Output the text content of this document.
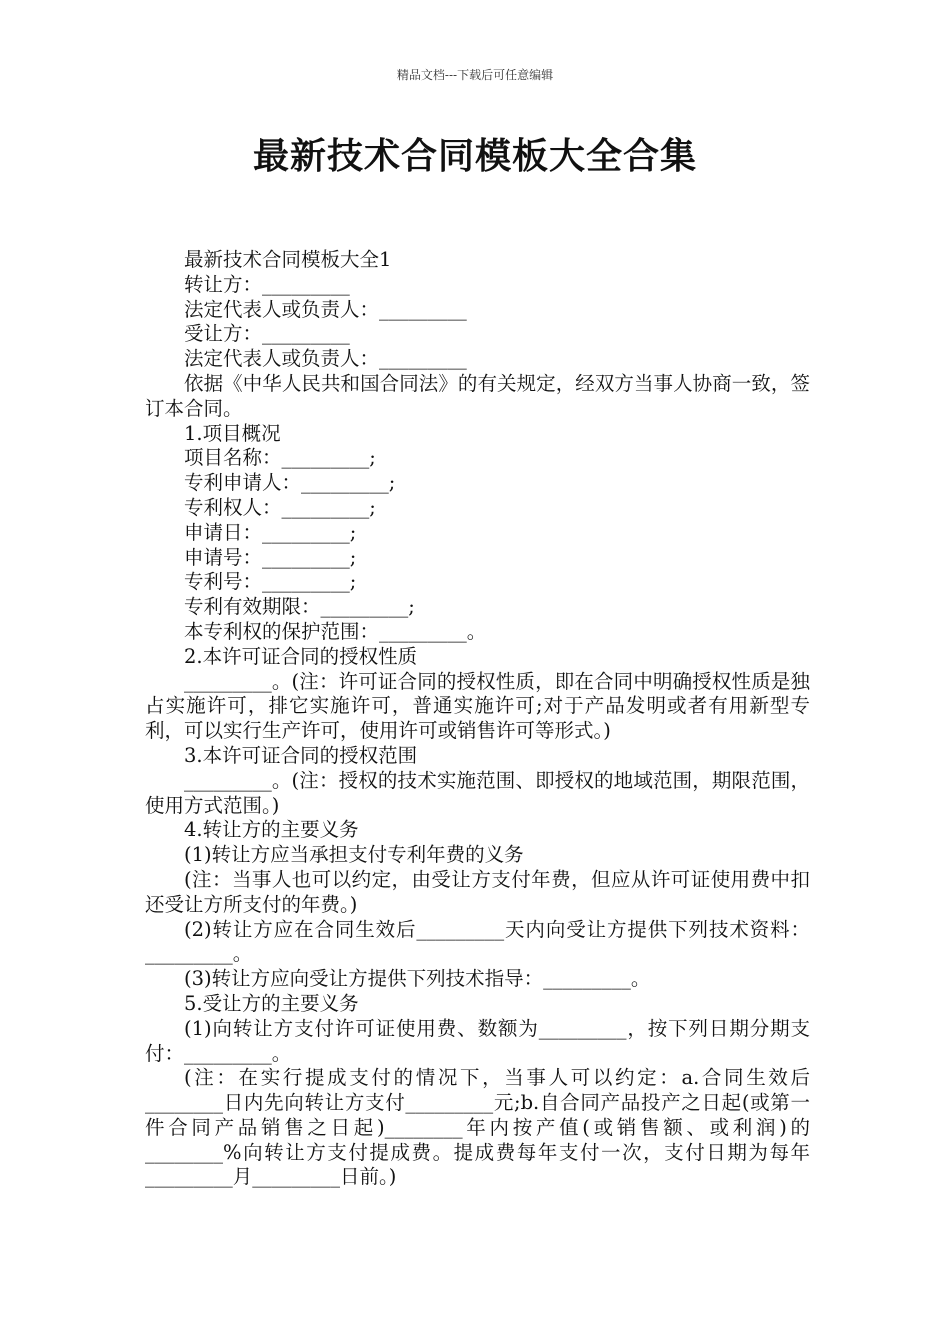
精品文档---下载后可任意编辑
最新技术合同模板大全合集

最新技术合同模板大全1

转让方：_________

法定代表人或负责人：_________

受让方：_________

法定代表人或负责人：_________

依据《中华人民共和国合同法》的有关规定，经双方当事人协商一致，签订本合同。

1.项目概况

项目名称：_________;

专利申请人：_________;

专利权人：_________;

申请日：_________;

申请号：_________;

专利号：_________;

专利有效期限：_________;

本专利权的保护范围：_________。

2.本许可证合同的授权性质

_________。(注：许可证合同的授权性质，即在合同中明确授权性质是独占实施许可，排它实施许可，普通实施许可;对于产品发明或者有用新型专利，可以实行生产许可，使用许可或销售许可等形式。)

3.本许可证合同的授权范围

_________。(注：授权的技术实施范围、即授权的地域范围，期限范围，使用方式范围。)

4.转让方的主要义务

(1)转让方应当承担支付专利年费的义务

(注：当事人也可以约定，由受让方支付年费，但应从许可证使用费中扣还受让方所支付的年费。)

(2)转让方应在合同生效后_________天内向受让方提供下列技术资料：_________。

(3)转让方应向受让方提供下列技术指导：_________。

5.受让方的主要义务

(1)向转让方支付许可证使用费、数额为_________，按下列日期分期支付：_________。

(注：在实行提成支付的情况下，当事人可以约定：a.合同生效后________日内先向转让方支付_________元;b.自合同产品投产之日起(或第一件合同产品销售之日起)________年内按产值(或销售额、或利润)的________%向转让方支付提成费。提成费每年支付一次，支付日期为每年_________月_________日前。)
